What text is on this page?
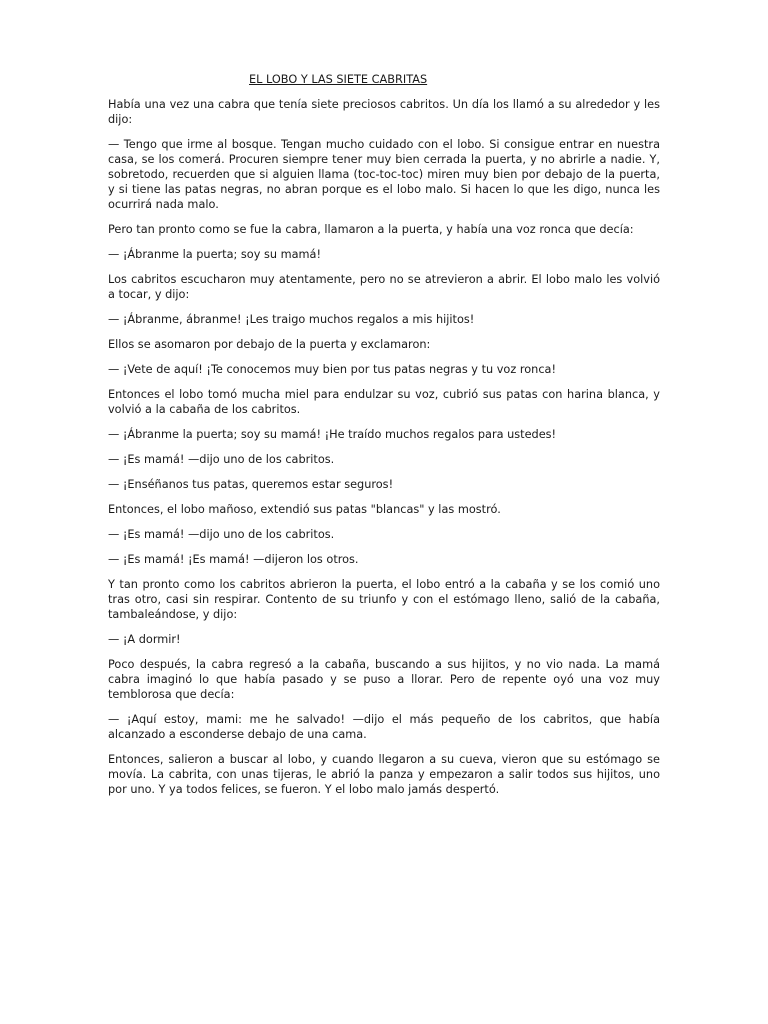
EL LOBO Y LAS SIETE CABRITAS

Había una vez una cabra que tenía siete preciosos cabritos. Un día los llamó a su alrededor y les dijo:

— Tengo que irme al bosque. Tengan mucho cuidado con el lobo. Si consigue entrar en nuestra casa, se los comerá. Procuren siempre tener muy bien cerrada la puerta, y no abrirle a nadie. Y, sobretodo, recuerden que si alguien llama (toc-toc-toc) miren muy bien por debajo de la puerta, y si tiene las patas negras, no abran porque es el lobo malo. Si hacen lo que les digo, nunca les ocurrirá nada malo.

Pero tan pronto como se fue la cabra, llamaron a la puerta, y había una voz ronca que decía:

— ¡Ábranme la puerta; soy su mamá!

Los cabritos escucharon muy atentamente, pero no se atrevieron a abrir. El lobo malo les volvió a tocar, y dijo:

— ¡Ábranme, ábranme! ¡Les traigo muchos regalos a mis hijitos!

Ellos se asomaron por debajo de la puerta y exclamaron:

— ¡Vete de aquí! ¡Te conocemos muy bien por tus patas negras y tu voz ronca!

Entonces el lobo tomó mucha miel para endulzar su voz, cubrió sus patas con harina blanca, y volvió a la cabaña de los cabritos.

— ¡Ábranme la puerta; soy su mamá! ¡He traído muchos regalos para ustedes!

— ¡Es mamá! —dijo uno de los cabritos.

— ¡Enséñanos tus patas, queremos estar seguros!

Entonces, el lobo mañoso, extendió sus patas "blancas" y las mostró.

— ¡Es mamá! —dijo uno de los cabritos.

— ¡Es mamá! ¡Es mamá! —dijeron los otros.

Y tan pronto como los cabritos abrieron la puerta, el lobo entró a la cabaña y se los comió uno tras otro, casi sin respirar. Contento de su triunfo y con el estómago lleno, salió de la cabaña, tambaleándose, y dijo:

— ¡A dormir!

Poco después, la cabra regresó a la cabaña, buscando a sus hijitos, y no vio nada. La mamá cabra imaginó lo que había pasado y se puso a llorar. Pero de repente oyó una voz muy temblorosa que decía:

— ¡Aquí estoy, mami: me he salvado! —dijo el más pequeño de los cabritos, que había alcanzado a esconderse debajo de una cama.

Entonces, salieron a buscar al lobo, y cuando llegaron a su cueva, vieron que su estómago se movía. La cabrita, con unas tijeras, le abrió la panza y empezaron a salir todos sus hijitos, uno por uno. Y ya todos felices, se fueron. Y el lobo malo jamás despertó.
